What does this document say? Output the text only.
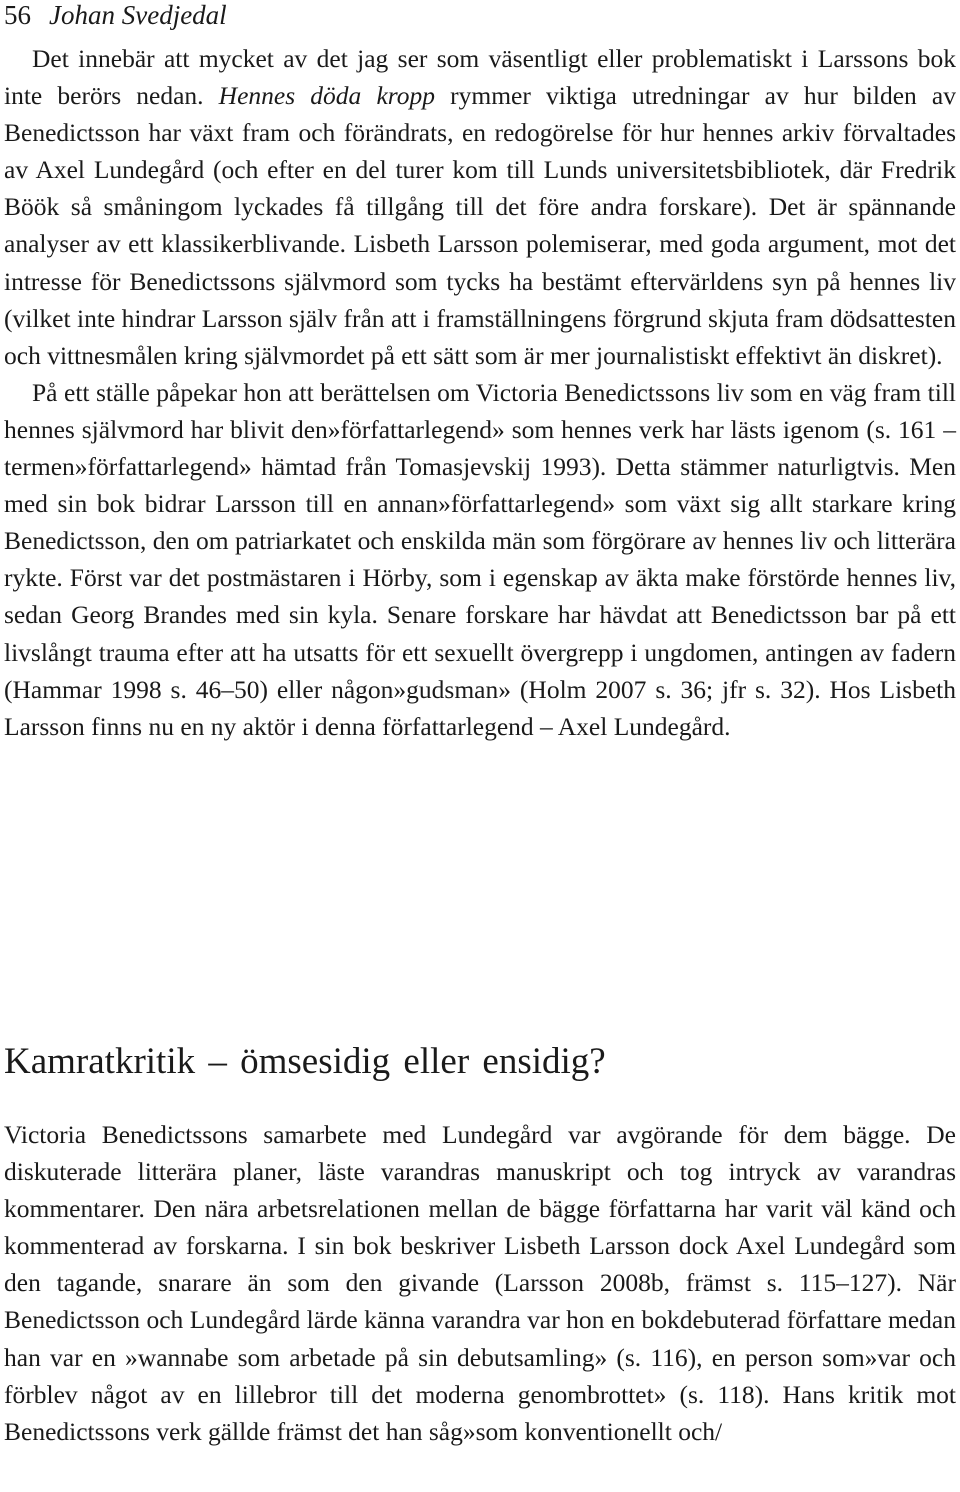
56 Johan Svedjedal

Det innebär att mycket av det jag ser som väsentligt eller problematiskt i Larssons bok inte berörs nedan. Hennes döda kropp rymmer viktiga utredningar av hur bilden av Benedictsson har växt fram och förändrats, en redogörelse för hur hennes arkiv förvaltades av Axel Lundegård (och efter en del turer kom till Lunds universitetsbibliotek, där Fredrik Böök så småningom lyckades få tillgång till det före andra forskare). Det är spännande analyser av ett klassikerblivande. Lisbeth Larsson polemiserar, med goda argument, mot det intresse för Benedictssons självmord som tycks ha bestämt eftervärldens syn på hennes liv (vilket inte hindrar Larsson själv från att i framställningens förgrund skjuta fram dödsattesten och vittnesmålen kring självmordet på ett sätt som är mer journalistiskt effektivt än diskret).

På ett ställe påpekar hon att berättelsen om Victoria Benedictssons liv som en väg fram till hennes självmord har blivit den»författarlegend» som hennes verk har lästs igenom (s. 161 – termen»författarlegend» hämtad från Tomasjevskij 1993). Detta stämmer naturligtvis. Men med sin bok bidrar Larsson till en annan»författarlegend» som växt sig allt starkare kring Benedictsson, den om patriarkatet och enskilda män som förgörare av hennes liv och litterära rykte. Först var det postmästaren i Hörby, som i egenskap av äkta make förstörde hennes liv, sedan Georg Brandes med sin kyla. Senare forskare har hävdat att Benedictsson bar på ett livslångt trauma efter att ha utsatts för ett sexuellt övergrepp i ungdomen, antingen av fadern (Hammar 1998 s. 46–50) eller någon»gudsman» (Holm 2007 s. 36; jfr s. 32). Hos Lisbeth Larsson finns nu en ny aktör i denna författarlegend – Axel Lundegård.

Kamratkritik – ömsesidig eller ensidig?

Victoria Benedictssons samarbete med Lundegård var avgörande för dem bägge. De diskuterade litterära planer, läste varandras manuskript och tog intryck av varandras kommentarer. Den nära arbetsrelationen mellan de bägge författarna har varit väl känd och kommenterad av forskarna. I sin bok beskriver Lisbeth Larsson dock Axel Lundegård som den tagande, snarare än som den givande (Larsson 2008b, främst s. 115–127). När Benedictsson och Lundegård lärde känna varandra var hon en bokdebuterad författare medan han var en »wannabe som arbetade på sin debutsamling» (s. 116), en person som»var och förblev något av en lillebror till det moderna genombrottet» (s. 118). Hans kritik mot Benedictssons verk gällde främst det han såg»som konventionellt och/
